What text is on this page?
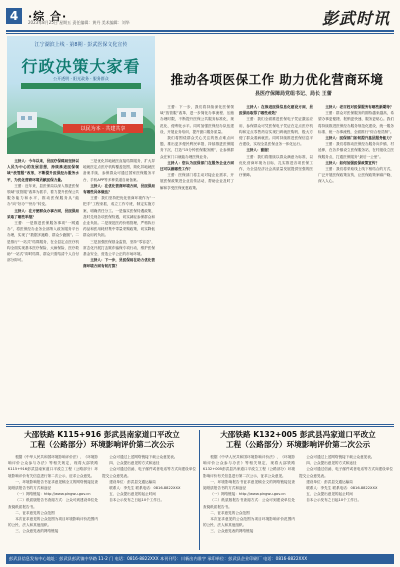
4 ·综 合·
2023年8月25日 星期五 责任编辑：黄丹 美术编辑：刘华	彭武时讯
江宁湖滨上线 · 第8期 · 彭武医保文化宣传
行政决策大家看
公开透明 · 阳光政务 · 服务群众
以民为本 · 共建共享
推动各项医保工作 助力优化营商环境
县医疗保障局党组书记、局长 王蕾

主持人：今年以来，县医疗保障局坚持以人民为中心的发展思想，持续推进医保领域“放管服”改革，不断提升医保经办服务水平，为优化营商环境贡献医保力量。

王蕾：近年来，县医保局以深入推进医保领域“放管服”改革为抓手，着力提升医保公共服务能力和水平，推动医保服务从“能办”向“好办”“快办”转变。

主持人：在方便群众办事方面，县医保局采取了哪些举措？

王蕾：一是推进医保服务事项“一网通办”，将医保经办业务全部纳入政务服务平台办理，实现了“数据多跑路、群众少跑腿”。二是推行“一站式”结算服务，在全县定点医疗机构全面实现基本医疗保险、大病保险、医疗救助“一站式”即时结算，群众只需结清个人自付部分即可。

三是优化异地就医直接结算服务，扩大异地就医定点医疗机构覆盖范围，简化异地就医备案手续，参保群众可通过国家医保服务平台、手机APP等多种渠道自助备案。

主持人：在优化营商环境方面，县医保局有哪些具体做法？

王蕾：我们坚持把优化营商环境作为“一把手”工程来抓，成立工作专班，制定实施方案，明确责任分工。一是落实医保待遇政策，及时兑现各项医保待遇，切实减轻参保群众和企业负担。二是规范医药价格管理，严格执行药品和医用耗材集中带量采购政策，切实降低群众用药负担。

三是加强医保基金监管，坚持“零容忍”，常态化开展打击欺诈骗保专项行动，维护医保基金安全，营造公平公正的市场环境。

主持人：下一步，县医保局在助力优化营商环境方面有何打算？

王蕾：下一步，我们将持续深化医保领域“放管服”改革，进一步简化办事流程、压缩办理时限，不断提升医保公共服务标准化、规范化、便利化水平。同时加强医保经办队伍建设，开展业务培训，提升窗口服务质量。

我们将围绕群众关心关注的热点难点问题，推出更多便民利民举措，持续推进医保服务下沉，打造“15分钟医保服务圈”，让参保群众在家门口就能办理医保业务。

主持人：您认为医保部门在服务企业方面还可以做哪些工作？

王蕾：医保部门将主动对接企业需求，开展医保政策进企业宣传活动，帮助企业及时了解和享受医保优惠政策。

主持人：在推进医保信息化建设方面，县医保局取得了哪些成效？

王蕾：我们全面推进医保电子凭证激活应用，参保群众可凭医保电子凭证在定点医疗机构和定点零售药店实现扫码就医购药，极大方便了群众看病就医。同时持续推进医保信息平台建设，实现全县医保业务一体化运行。

主持人：谢谢！

王蕾：我们将继续以群众满意为标准，以优化营商环境为目标，扎实推进各项医保工作，为全县经济社会高质量发展提供坚强的医疗保障。

主持人：老百姓对医保服务有哪些新期待？

王蕾：群众对医保服务的期待越来越高，希望办事更便捷、报销更快速、服务更贴心。我们将持续推进医保经办服务规范化建设，统一服务标准、统一办事流程，全面推行“综合柜员制”。

主持人：医保部门如何提升基层服务能力？

王蕾：我们将推动医保经办服务向乡镇、村延伸，在各乡镇设立医保服务站，在村级设立医保服务点，打通医保服务“最后一公里”。

主持人：如何加强医保政策宣传？

王蕾：我们将采取线上线下相结合的方式，广泛开展医保政策宣传，让医保政策家喻户晓、深入人心。

大邵铁路 K115+916 彭武县南家道口平改立
工程（公路部分）环境影响评价第二次公示

根据《中华人民共和国环境影响评价法》、《环境影响评价公众参与办法》等相关规定，现将大邵铁路K115+916彭武县南家道口平改立工程（公路部分）环境影响评价有关信息进行第二次公示，征求公众意见。

一、环境影响报告书征求意见稿全文的网络链接及查阅纸质报告书的方式和途径

（一）网络链接：http://www.pingwu.gov.cn

（二）纸质版报告书查阅方式：公众可到建设单位处查阅纸质报告书。

二、征求意见的公众范围

本次征求意见的公众范围为项目环境影响评价范围内的公民、法人和其他组织。

三、公众意见表的网络链接

公众可通过上述网络链接下载公众意见表。

四、公众提出意见的方式和途径

公众可通过信函、电子邮件或者电话等方式向建设单位提交公众意见表。

建设单位：彭武县交通运输局

联系人：李先生 联系电话：0816-8822XXX

五、公众提出意见的起止时间

自本公示发布之日起10个工作日。

大邵铁路 K132+005 彭武县冯家道口平改立
工程（公路部分）环境影响评价第二次公示

根据《中华人民共和国环境影响评价法》、《环境影响评价公众参与办法》等相关规定，现将大邵铁路K132+005彭武县冯家道口平改立工程（公路部分）环境影响评价有关信息进行第二次公示，征求公众意见。

一、环境影响报告书征求意见稿全文的网络链接及查阅纸质报告书的方式和途径

（一）网络链接：http://www.pingwu.gov.cn

（二）纸质版报告书查阅方式：公众可到建设单位处查阅纸质报告书。

二、征求意见的公众范围

本次征求意见的公众范围为项目环境影响评价范围内的公民、法人和其他组织。

三、公众意见表的网络链接

公众可通过上述网络链接下载公众意见表。

四、公众提出意见的方式和途径

公众可通过信函、电子邮件或者电话等方式向建设单位提交公众意见表。

建设单位：彭武县交通运输局

联系人：李先生 联系电话：0816-8822XXX

五、公众提出意见的起止时间

自本公示发布之日起10个工作日。

彭武县信息发布中心地址：彭武县彭武镇中华路 11-2 门 电话：0816-8822XXX 本刊刊号：川新出内准字 承印单位：彭武县企业印刷厂 电话：0816-8822XXX
